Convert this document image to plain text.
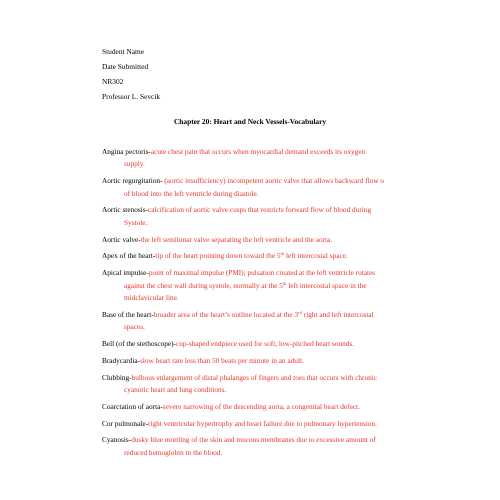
Student Name
Date Submitted
NR302
Professor L. Sevcik
Chapter 20: Heart and Neck Vessels-Vocabulary
Angina pectoris-acute chest pain that occurs when myocardial demand exceeds its oxygen
supply.
Aortic regurgitation- (aortic insufficiency) incompetent aortic valve that allows backward flow o
of blood into the left ventricle during diastole.
Aortic stenosis-calcification of aortic valve cusps that restricts forward flow of blood during
Systole.
Aortic valve-the left semilunar valve separating the left ventricle and the aorta.
Apex of the heart-tip of the heart pointing down toward the 5th left intercostal space.
Apical impulse-point of maximal impulse (PMI); pulsation created at the left ventricle rotates
against the chest wall during systole, normally at the 5th left intercostal space in the
midclavicular line.
Base of the heart-broader area of the heart’s outline located at the 3rd right and left intercostal
spaces.
Bell (of the stethoscope)-cup-shaped endpiece used for soft, low-pitched heart sounds.
Bradycardia-slow heart rate less than 50 beats per minute in an adult.
Clubbing-bulbous enlargement of distal phalanges of fingers and toes that occurs with chronic
cyanotic heart and lung conditions.
Coarctation of aorta-severe narrowing of the descending aorta, a congenital heart defect.
Cor pulmonale-right ventricular hypertrophy and heart failure due to pulmonary hypertension.
Cyanosis-dusky blue mottling of the skin and mucous membranes due to excessive amount of
reduced hemoglobin in the blood.
